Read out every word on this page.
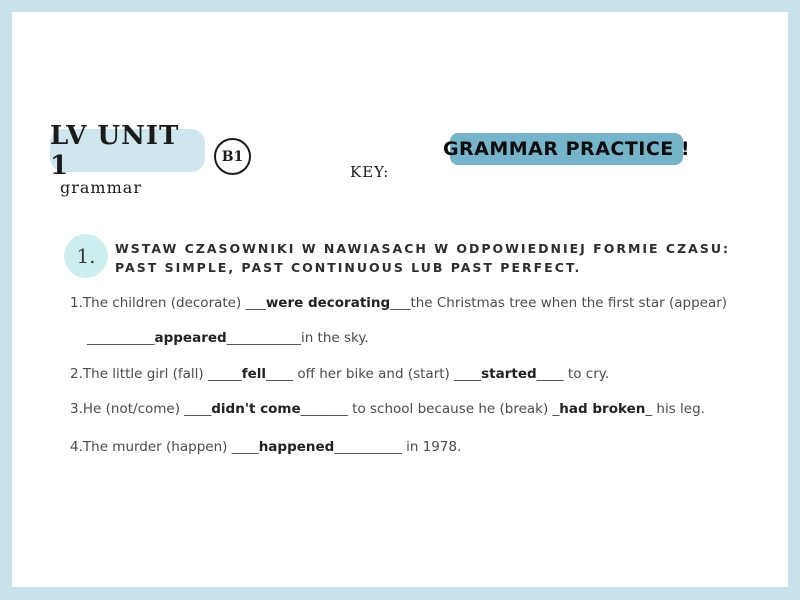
LV UNIT 1	B1
grammar
KEY:
GRAMMAR PRACTICE !
1. WSTAW CZASOWNIKI W NAWIASACH W ODPOWIEDNIEJ FORMIE CZASU:
PAST SIMPLE, PAST CONTINUOUS LUB PAST PERFECT.
1.The children (decorate) ___were decorating___the Christmas tree when the first star (appear)
__________appeared___________in the sky.
2.The little girl (fall) _____fell____ off her bike and (start) ____started____ to cry.
3.He (not/come) ____didn't come_______ to school because he (break) _had broken_ his leg.
4.The murder (happen) ____happened__________ in 1978.
